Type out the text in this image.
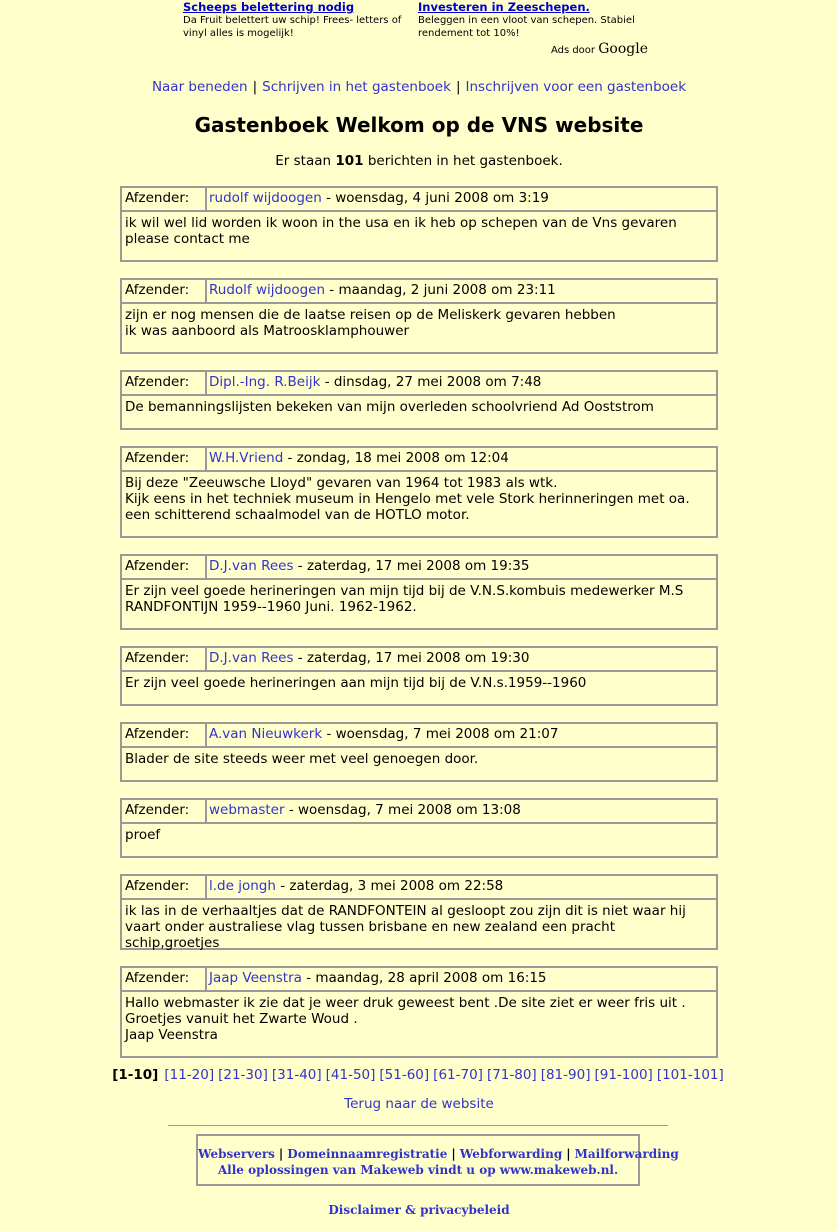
Scheeps belettering nodig
Da Fruit belettert uw schip! Frees- letters of vinyl alles is mogelijk!
Investeren in Zeeschepen.
Beleggen in een vloot van schepen. Stabiel rendement tot 10%!
Ads door Google
Naar beneden | Schrijven in het gastenboek | Inschrijven voor een gastenboek
Gastenboek Welkom op de VNS website
Er staan 101 berichten in het gastenboek.
Afzender:	rudolf wijdoogen - woensdag, 4 juni 2008 om 3:19
ik wil wel lid worden ik woon in the usa en ik heb op schepen van de Vns gevaren please contact me
Afzender:	Rudolf wijdoogen - maandag, 2 juni 2008 om 23:11
zijn er nog mensen die de laatse reisen op de Meliskerk gevaren hebben
ik was aanboord als Matroosklamphouwer
Afzender:	Dipl.-Ing. R.Beijk - dinsdag, 27 mei 2008 om 7:48
De bemanningslijsten bekeken van mijn overleden schoolvriend Ad Ooststrom
Afzender:	W.H.Vriend - zondag, 18 mei 2008 om 12:04
Bij deze "Zeeuwsche Lloyd" gevaren van 1964 tot 1983 als wtk.
Kijk eens in het techniek museum in Hengelo met vele Stork herinneringen met oa. een schitterend schaalmodel van de HOTLO motor.
Afzender:	D.J.van Rees - zaterdag, 17 mei 2008 om 19:35
Er zijn veel goede herineringen van mijn tijd bij de V.N.S.kombuis medewerker M.S RANDFONTIJN 1959--1960 Juni. 1962-1962.
Afzender:	D.J.van Rees - zaterdag, 17 mei 2008 om 19:30
Er zijn veel goede herineringen aan mijn tijd bij de V.N.s.1959--1960
Afzender:	A.van Nieuwkerk - woensdag, 7 mei 2008 om 21:07
Blader de site steeds weer met veel genoegen door.
Afzender:	webmaster - woensdag, 7 mei 2008 om 13:08
proef
Afzender:	l.de jongh - zaterdag, 3 mei 2008 om 22:58
ik las in de verhaaltjes dat de RANDFONTEIN al gesloopt zou zijn dit is niet waar hij vaart onder australiese vlag tussen brisbane en new zealand een pracht schip,groetjes
Afzender:	Jaap Veenstra - maandag, 28 april 2008 om 16:15
Hallo webmaster ik zie dat je weer druk geweest bent .De site ziet er weer fris uit .
Groetjes vanuit het Zwarte Woud .
Jaap Veenstra
[1-10] [11-20] [21-30] [31-40] [41-50] [51-60] [61-70] [71-80] [81-90] [91-100] [101-101]
Terug naar de website
Webservers | Domeinnaamregistratie | Webforwarding | Mailforwarding
Alle oplossingen van Makeweb vindt u op www.makeweb.nl.
Disclaimer & privacybeleid
